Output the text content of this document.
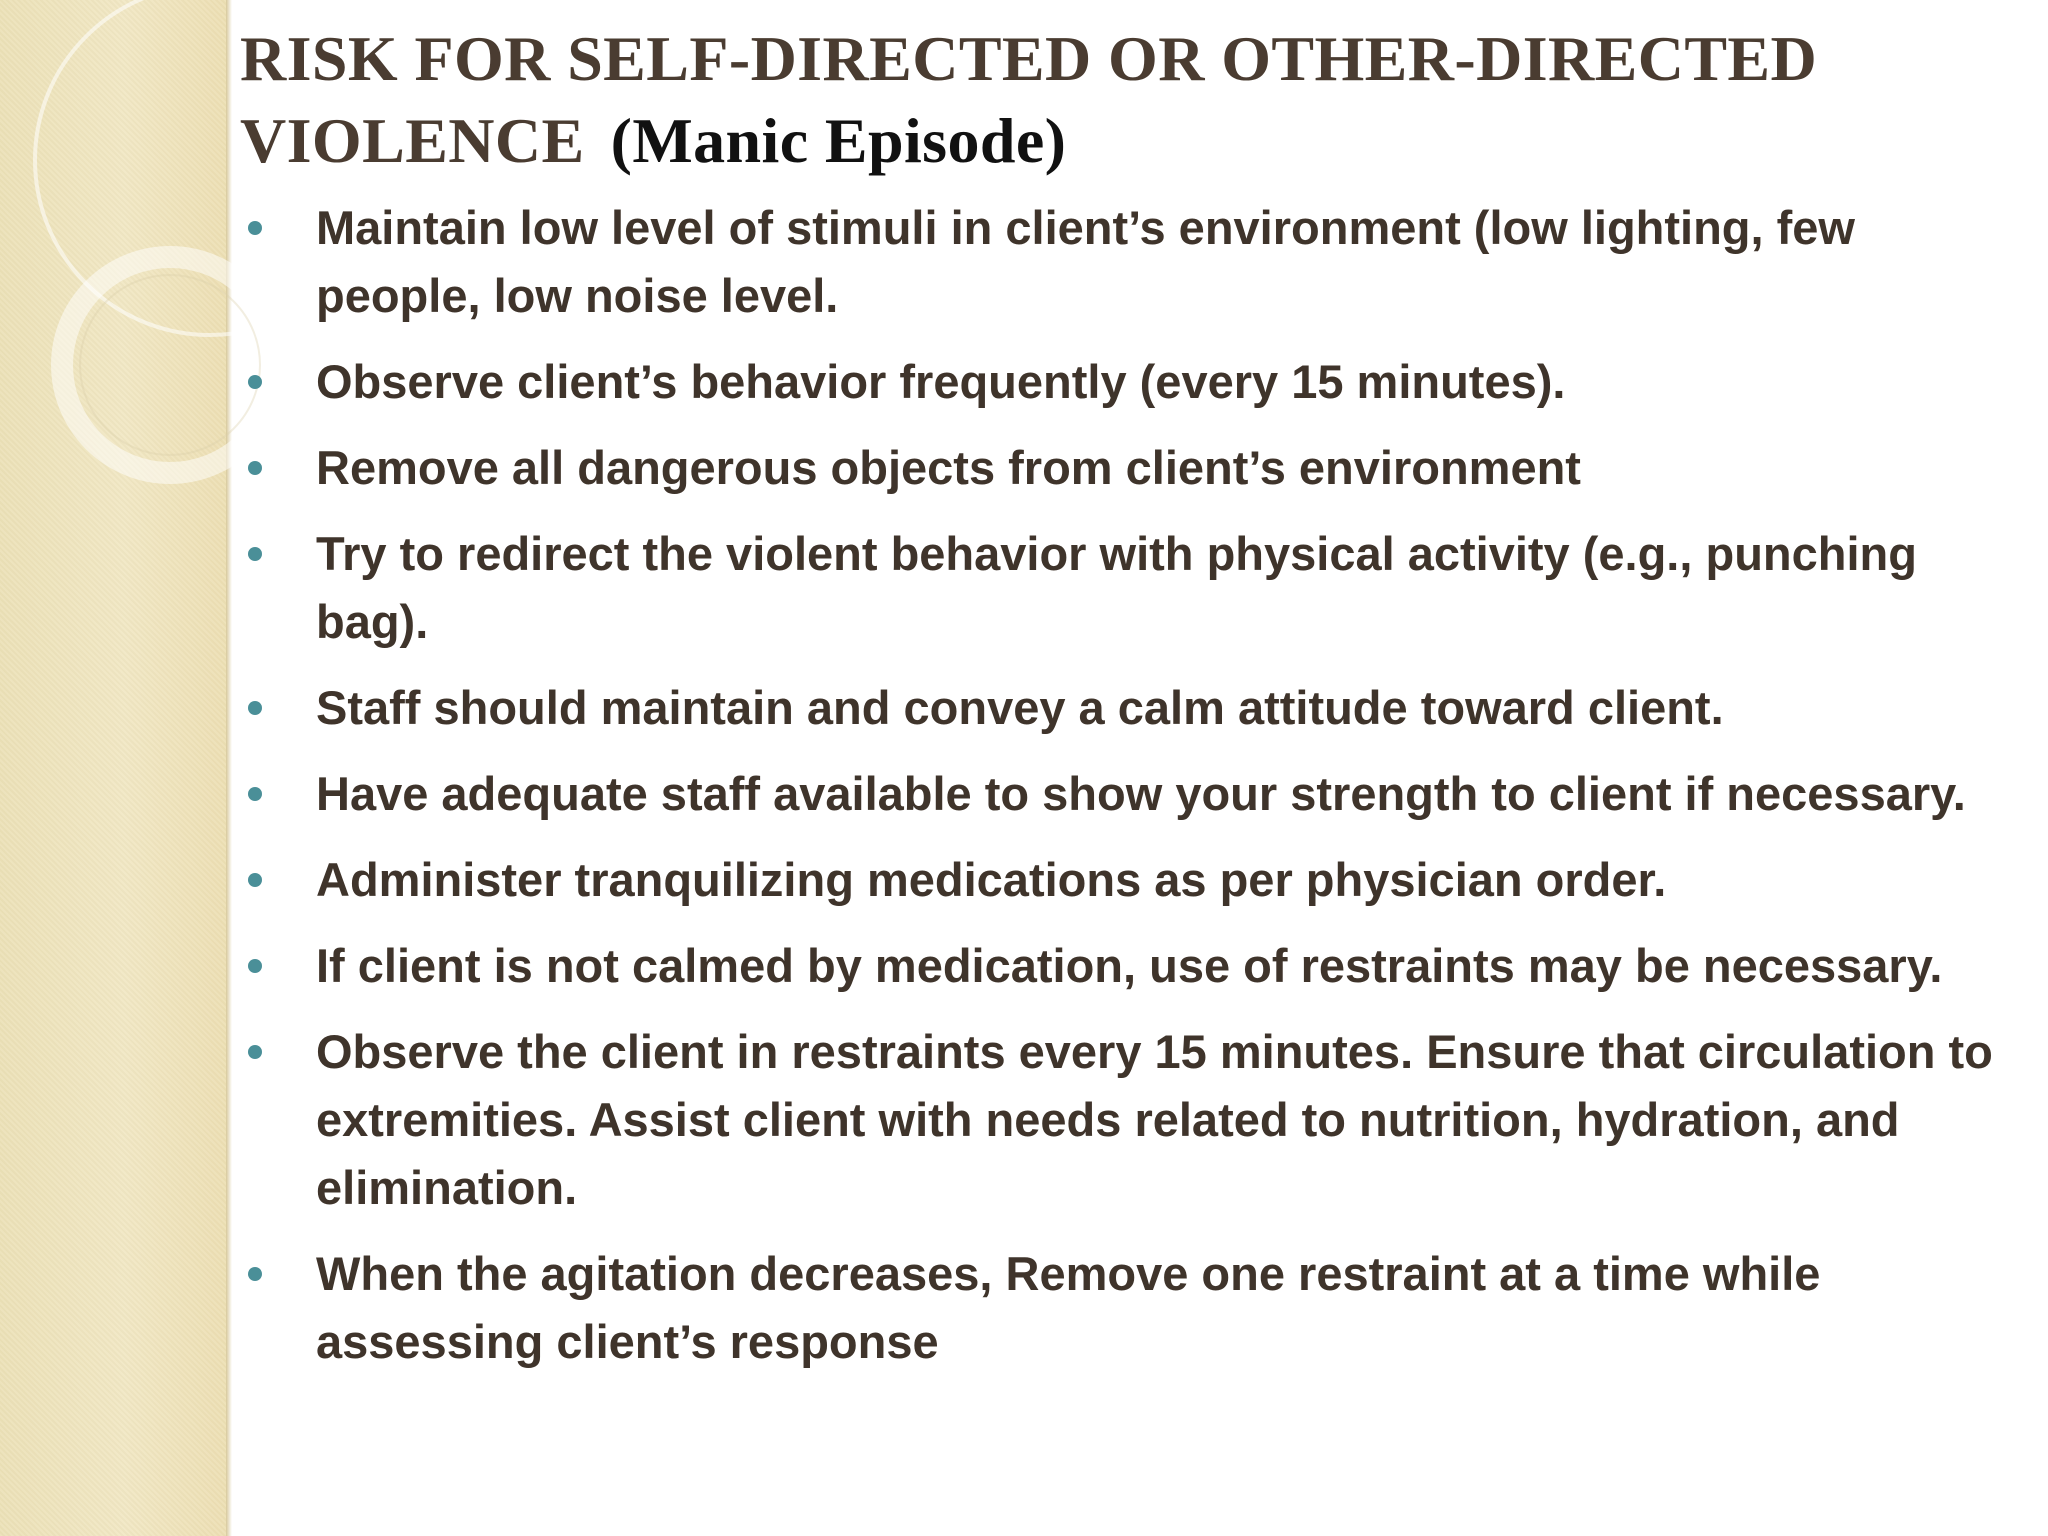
RISK FOR SELF-DIRECTED OR OTHER-DIRECTED
VIOLENCE (Manic Episode)
Maintain low level of stimuli in client’s environment (low lighting, few people, low noise level.
Observe client’s behavior frequently (every 15 minutes).
Remove all dangerous objects from client’s environment
Try to redirect the violent behavior with physical activity (e.g., punching bag).
Staff should maintain and convey a calm attitude toward client.
Have adequate staff available to show your strength to client if necessary.
Administer tranquilizing medications as per physician order.
If client is not calmed by medication, use of restraints may be necessary.
Observe the client in restraints every 15 minutes. Ensure that circulation to extremities. Assist client with needs related to nutrition, hydration, and elimination.
When the agitation decreases, Remove one restraint at a time while assessing client’s response
